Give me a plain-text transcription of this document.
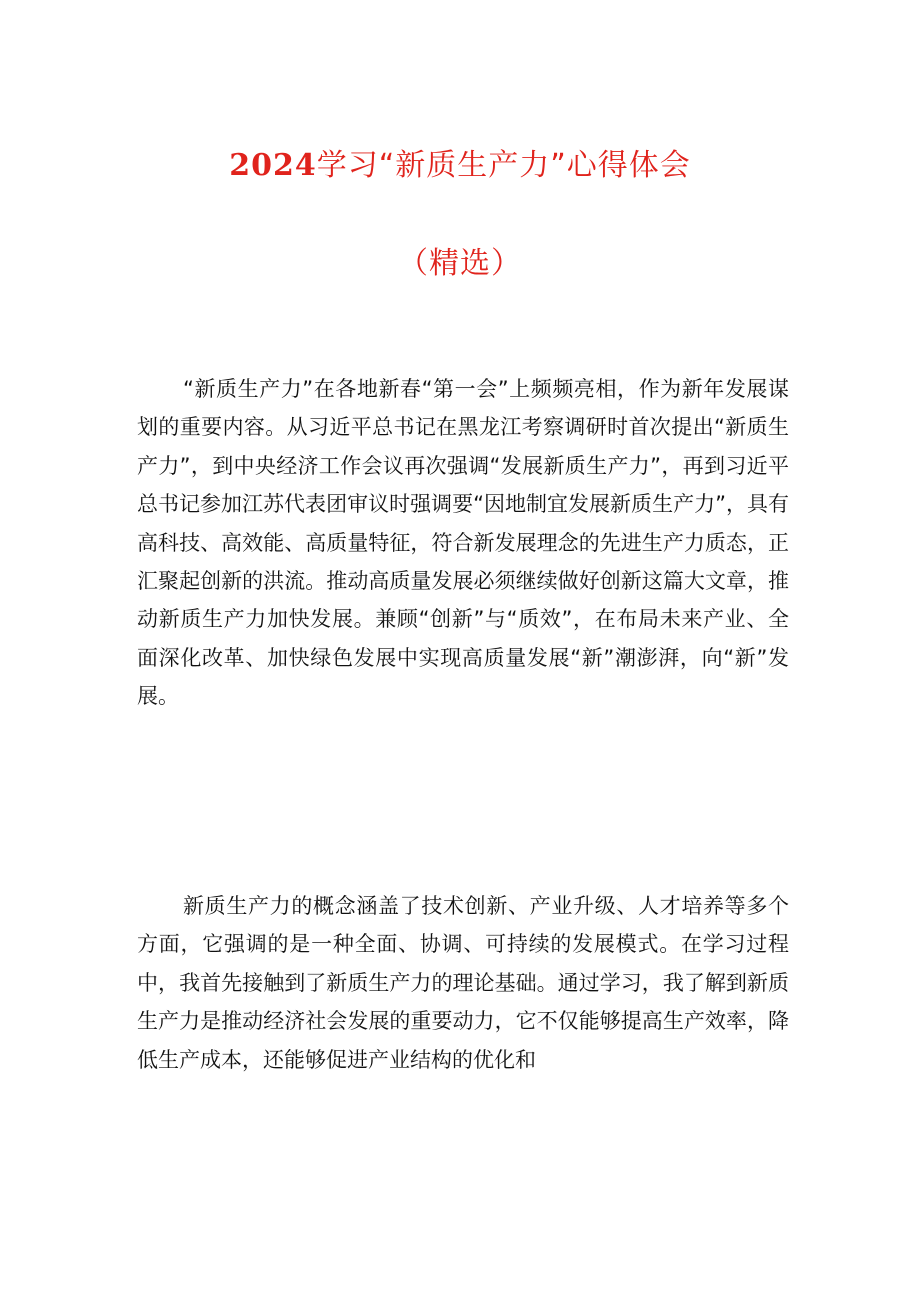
2024学习“新质生产力”心得体会
（精选）

“新质生产力”在各地新春“第一会”上频频亮相，作为新年发展谋划的重要内容。从习近平总书记在黑龙江考察调研时首次提出“新质生产力”，到中央经济工作会议再次强调“发展新质生产力”，再到习近平总书记参加江苏代表团审议时强调要“因地制宜发展新质生产力”，具有高科技、高效能、高质量特征，符合新发展理念的先进生产力质态，正汇聚起创新的洪流。推动高质量发展必须继续做好创新这篇大文章，推动新质生产力加快发展。兼顾“创新”与“质效”，在布局未来产业、全面深化改革、加快绿色发展中实现高质量发展“新”潮澎湃，向“新”发展。

新质生产力的概念涵盖了技术创新、产业升级、人才培养等多个方面，它强调的是一种全面、协调、可持续的发展模式。在学习过程中，我首先接触到了新质生产力的理论基础。通过学习，我了解到新质生产力是推动经济社会发展的重要动力，它不仅能够提高生产效率，降低生产成本，还能够促进产业结构的优化和
